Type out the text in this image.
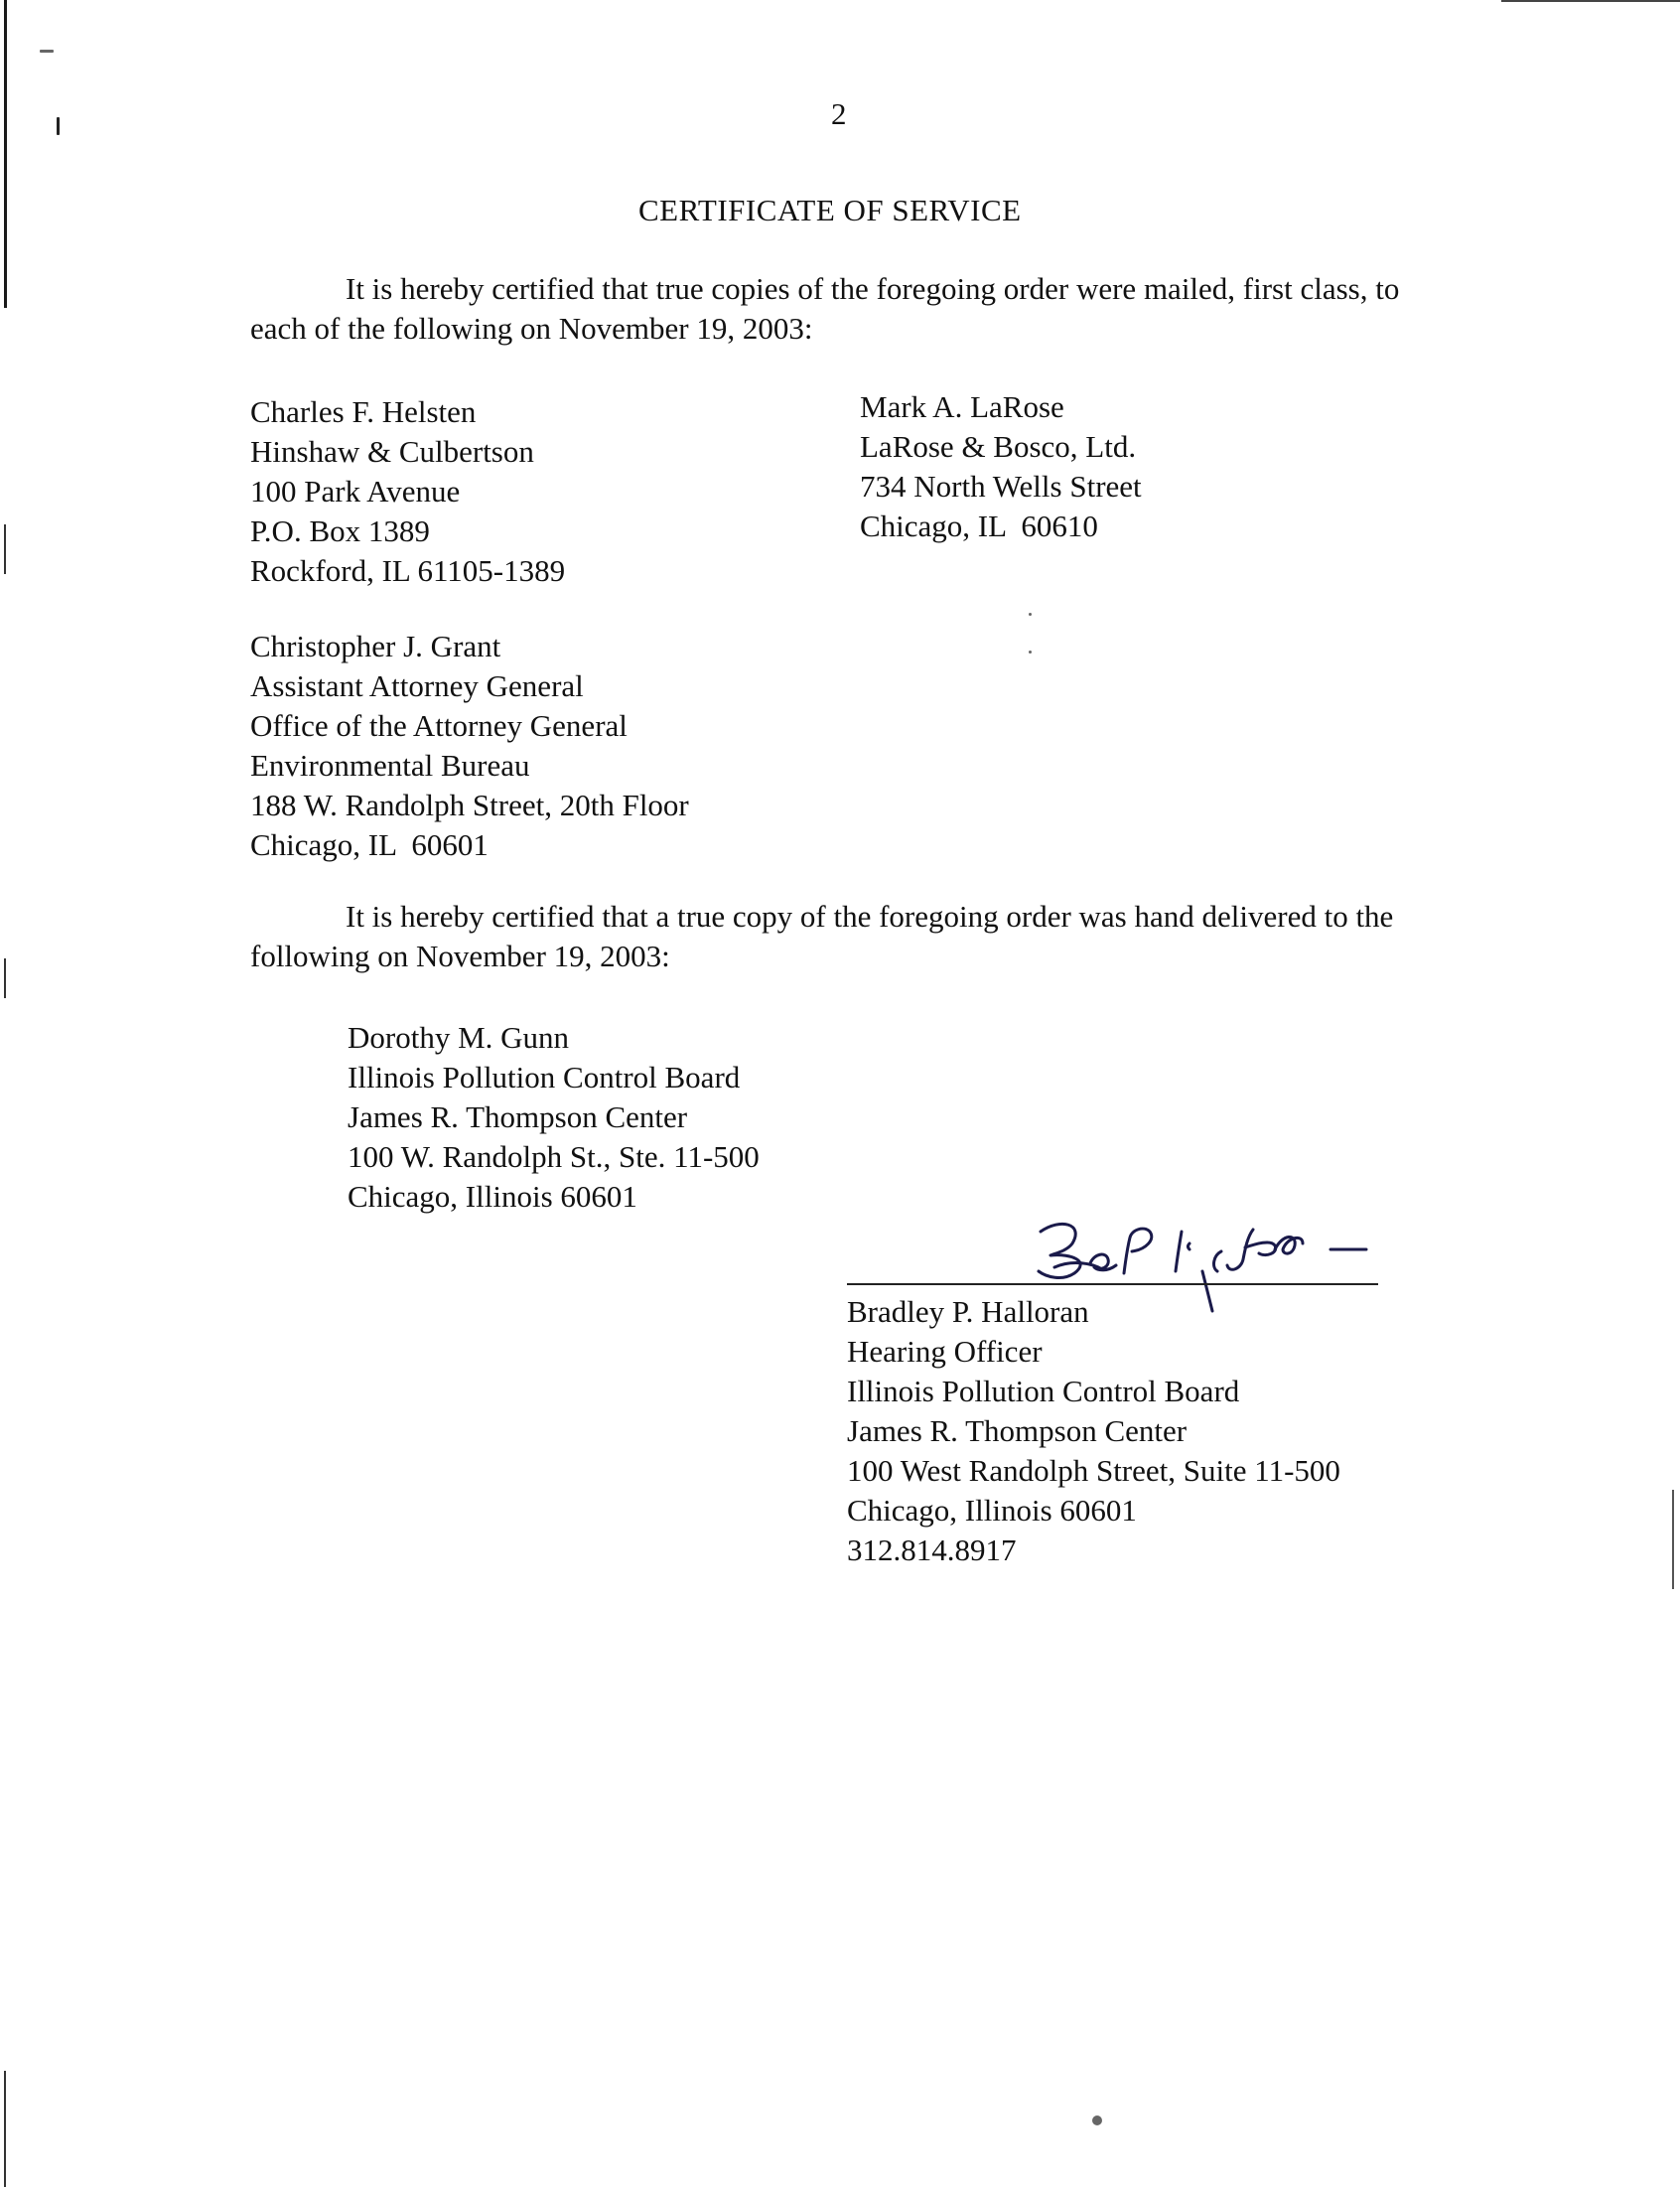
2
CERTIFICATE OF SERVICE
It is hereby certified that true copies of the foregoing order were mailed, first class, to each of the following on November 19, 2003:
Charles F. Helsten
Hinshaw & Culbertson
100 Park Avenue
P.O. Box 1389
Rockford, IL 61105-1389
Mark A. LaRose
LaRose & Bosco, Ltd.
734 North Wells Street
Chicago, IL  60610
Christopher J. Grant
Assistant Attorney General
Office of the Attorney General
Environmental Bureau
188 W. Randolph Street, 20th Floor
Chicago, IL  60601
It is hereby certified that a true copy of the foregoing order was hand delivered to the following on November 19, 2003:
Dorothy M. Gunn
Illinois Pollution Control Board
James R. Thompson Center
100 W. Randolph St., Ste. 11-500
Chicago, Illinois 60601
Bradley P. Halloran
Hearing Officer
Illinois Pollution Control Board
James R. Thompson Center
100 West Randolph Street, Suite 11-500
Chicago, Illinois 60601
312.814.8917
